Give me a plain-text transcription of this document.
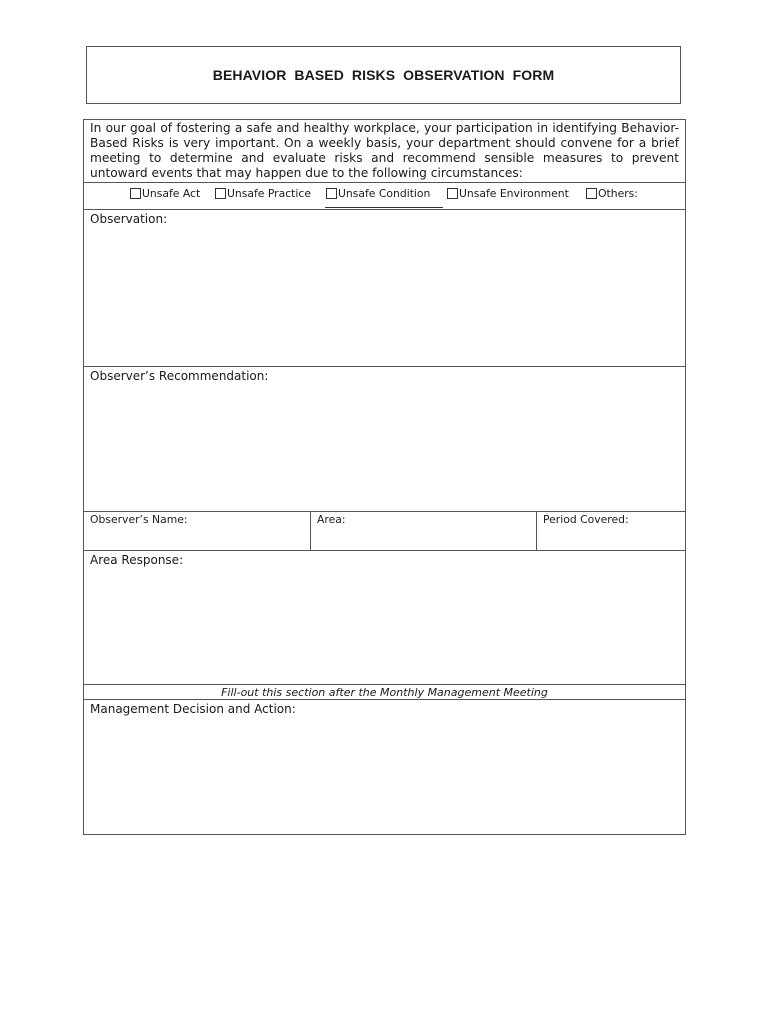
BEHAVIOR BASED RISKS OBSERVATION FORM
In our goal of fostering a safe and healthy workplace, your participation in identifying Behavior-Based Risks is very important. On a weekly basis, your department should convene for a brief meeting to determine and evaluate risks and recommend sensible measures to prevent untoward events that may happen due to the following circumstances:
Unsafe Act Unsafe Practice	Unsafe Condition	Unsafe Environment	Others:
Observation:
Observer’s Recommendation:
Observer’s Name:	Area:	Period Covered:
Area Response:
Fill-out this section after the Monthly Management Meeting
Management Decision and Action:
